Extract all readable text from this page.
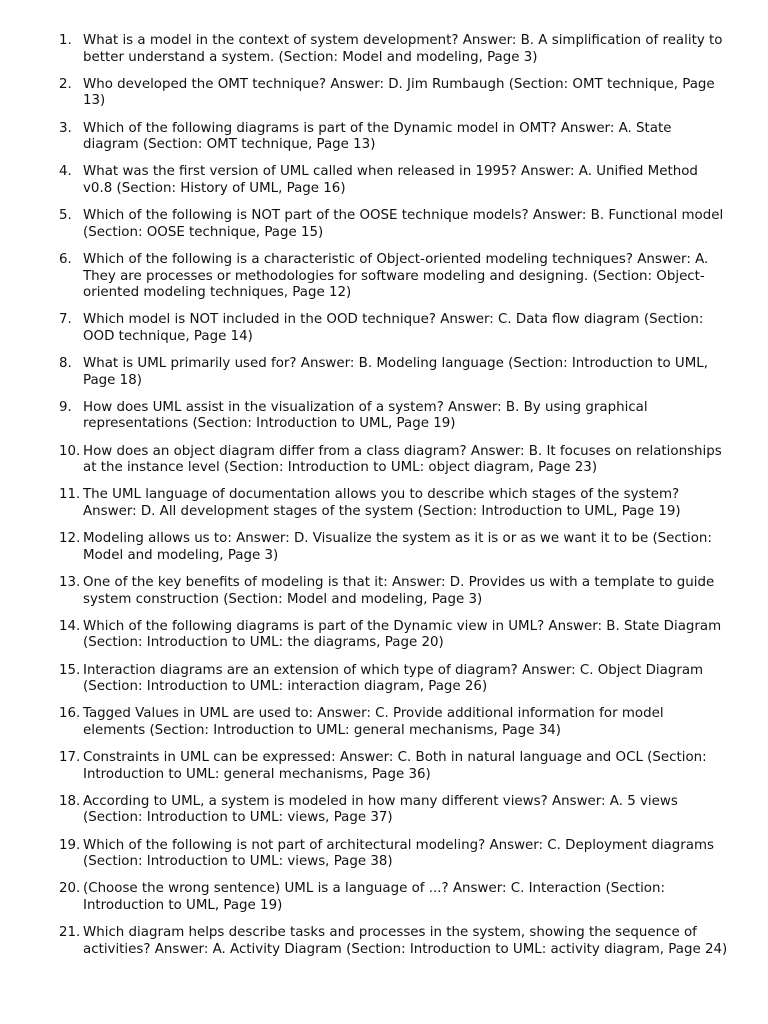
1. What is a model in the context of system development? Answer: B. A simplification of reality to better understand a system. (Section: Model and modeling, Page 3)
2. Who developed the OMT technique? Answer: D. Jim Rumbaugh (Section: OMT technique, Page 13)
3. Which of the following diagrams is part of the Dynamic model in OMT? Answer: A. State diagram (Section: OMT technique, Page 13)
4. What was the first version of UML called when released in 1995? Answer: A. Unified Method v0.8 (Section: History of UML, Page 16)
5. Which of the following is NOT part of the OOSE technique models? Answer: B. Functional model (Section: OOSE technique, Page 15)
6. Which of the following is a characteristic of Object-oriented modeling techniques? Answer: A. They are processes or methodologies for software modeling and designing. (Section: Object-oriented modeling techniques, Page 12)
7. Which model is NOT included in the OOD technique? Answer: C. Data flow diagram (Section: OOD technique, Page 14)
8. What is UML primarily used for? Answer: B. Modeling language (Section: Introduction to UML, Page 18)
9. How does UML assist in the visualization of a system? Answer: B. By using graphical representations (Section: Introduction to UML, Page 19)
10. How does an object diagram differ from a class diagram? Answer: B. It focuses on relationships at the instance level (Section: Introduction to UML: object diagram, Page 23)
11. The UML language of documentation allows you to describe which stages of the system? Answer: D. All development stages of the system (Section: Introduction to UML, Page 19)
12. Modeling allows us to: Answer: D. Visualize the system as it is or as we want it to be (Section: Model and modeling, Page 3)
13. One of the key benefits of modeling is that it: Answer: D. Provides us with a template to guide system construction (Section: Model and modeling, Page 3)
14. Which of the following diagrams is part of the Dynamic view in UML? Answer: B. State Diagram (Section: Introduction to UML: the diagrams, Page 20)
15. Interaction diagrams are an extension of which type of diagram? Answer: C. Object Diagram (Section: Introduction to UML: interaction diagram, Page 26)
16. Tagged Values in UML are used to: Answer: C. Provide additional information for model elements (Section: Introduction to UML: general mechanisms, Page 34)
17. Constraints in UML can be expressed: Answer: C. Both in natural language and OCL (Section: Introduction to UML: general mechanisms, Page 36)
18. According to UML, a system is modeled in how many different views? Answer: A. 5 views (Section: Introduction to UML: views, Page 37)
19. Which of the following is not part of architectural modeling? Answer: C. Deployment diagrams (Section: Introduction to UML: views, Page 38)
20. (Choose the wrong sentence) UML is a language of ...? Answer: C. Interaction (Section: Introduction to UML, Page 19)
21. Which diagram helps describe tasks and processes in the system, showing the sequence of activities? Answer: A. Activity Diagram (Section: Introduction to UML: activity diagram, Page 24)
